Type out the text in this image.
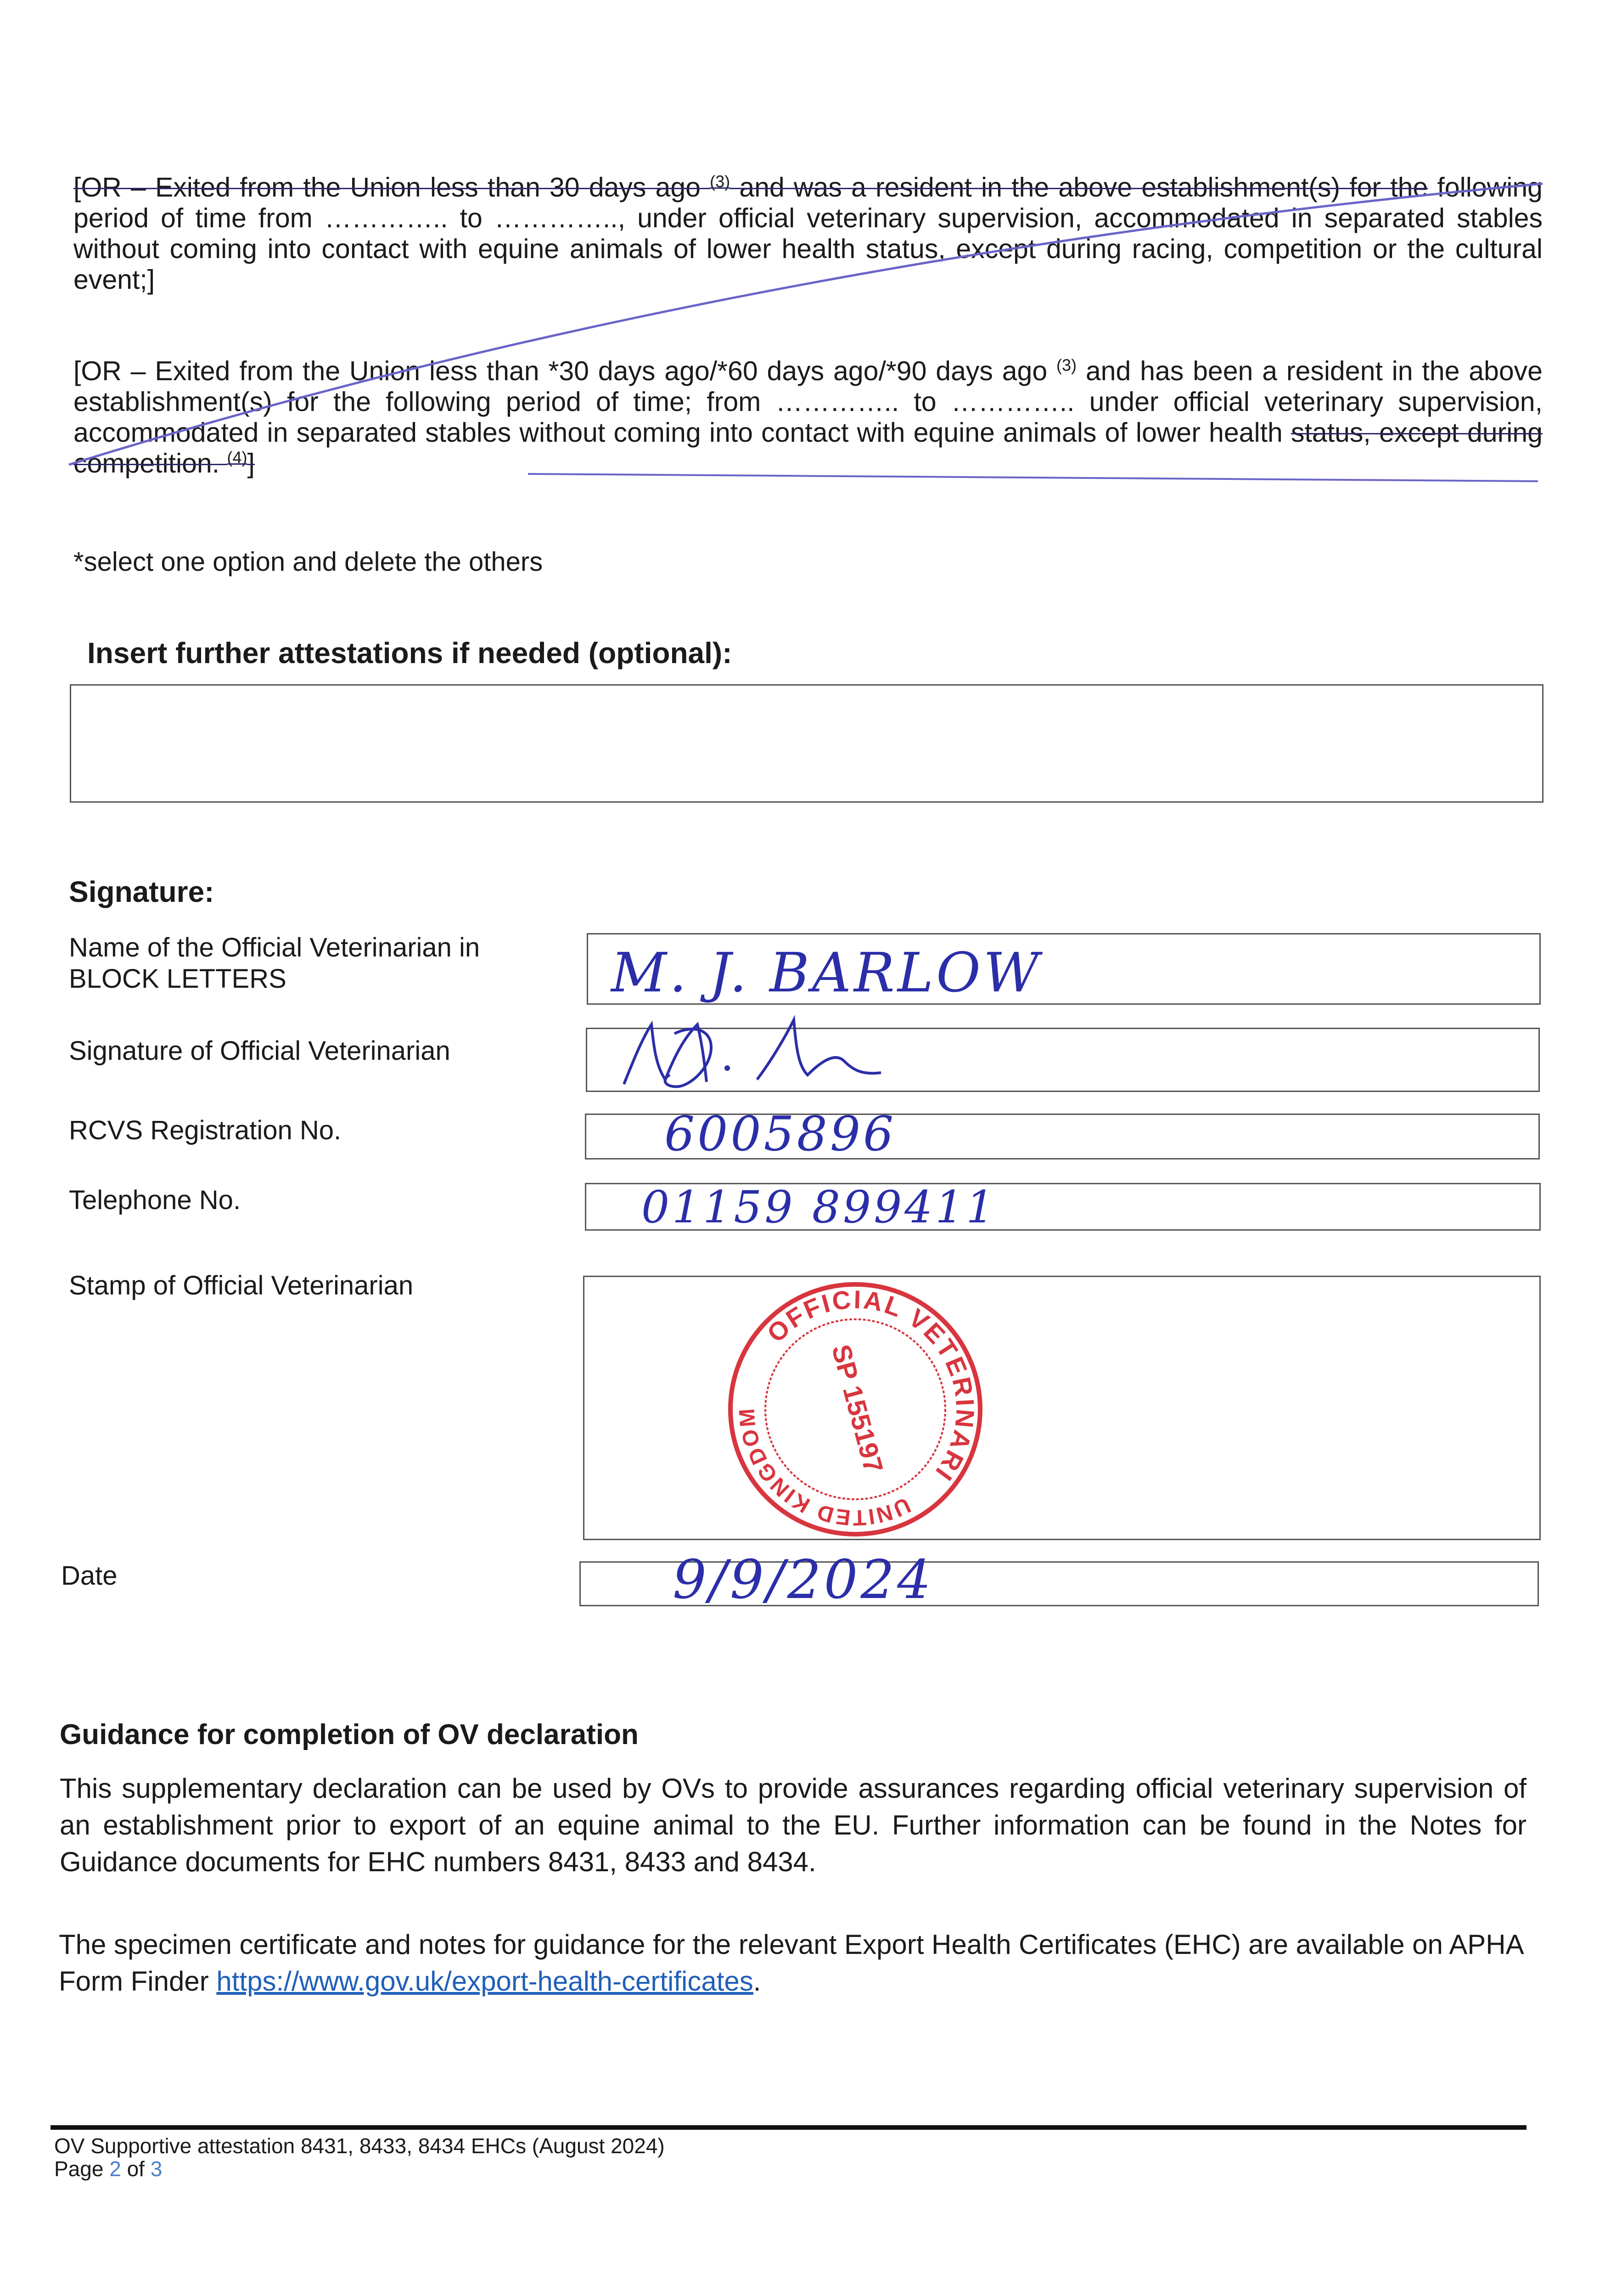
[OR – Exited from the Union less than 30 days ago $^{(3)}$ and was a resident in the above establishment(s) for the following period of time from ………….. to ………….., under official veterinary supervision, accommodated in separated stables without coming into contact with equine animals of lower health status, except during racing, competition or the cultural event;]
[OR – Exited from the Union less than *30 days ago/*60 days ago/*90 days ago $^{(3)}$ and has been a resident in the above establishment(s) for the following period of time; from ………….. to ………….. under official veterinary supervision, accommodated in separated stables without coming into contact with equine animals of lower health status, except during competition. $^{(4)}$]
*select one option and delete the others
Insert further attestations if needed (optional):
Signature:
Name of the Official Veterinarian in BLOCK LETTERS	M. J. BARLOW
Signature of Official Veterinarian
RCVS Registration No.	6005896
Telephone No.	01159 899411
Stamp of Official Veterinarian
OFFICIAL VETERINARIAN
UNITED KINGDOM	SP 155197
Date	9/9/2024
Guidance for completion of OV declaration
This supplementary declaration can be used by OVs to provide assurances regarding official veterinary supervision of an establishment prior to export of an equine animal to the EU. Further information can be found in the Notes for Guidance documents for EHC numbers 8431, 8433 and 8434.
The specimen certificate and notes for guidance for the relevant Export Health Certificates (EHC) are available on APHA Form Finder https://www.gov.uk/export-health-certificates.
OV Supportive attestation 8431, 8433, 8434 EHCs (August 2024)
Page 2 of 3
